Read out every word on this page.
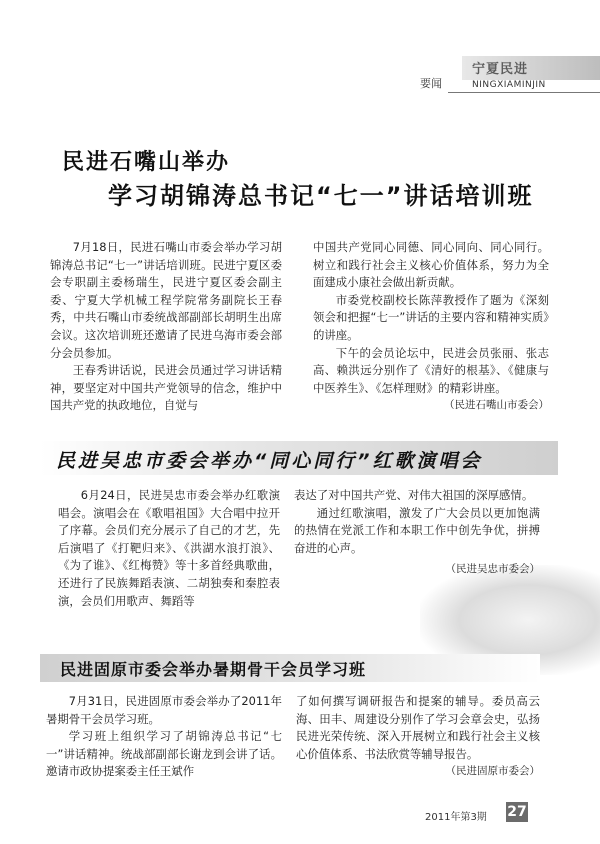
宁夏民进
要闻	NINGXIAMINJIN
民进石嘴山举办
学习胡锦涛总书记“七一”讲话培训班

7月18日，民进石嘴山市委会举办学习胡锦涛总书记“七一”讲话培训班。民进宁夏区委会专职副主委杨瑞生，民进宁夏区委会副主委、宁夏大学机械工程学院常务副院长王春秀，中共石嘴山市委统战部副部长胡明生出席会议。这次培训班还邀请了民进乌海市委会部分会员参加。

王春秀讲话说，民进会员通过学习讲话精神，要坚定对中国共产党领导的信念，维护中国共产党的执政地位，自觉与

中国共产党同心同德、同心同向、同心同行。树立和践行社会主义核心价值体系，努力为全面建成小康社会做出新贡献。

市委党校副校长陈萍教授作了题为《深刻领会和把握“七一”讲话的主要内容和精神实质》的讲座。

下午的会员论坛中，民进会员张丽、张志高、赖洪远分别作了《清好的根基》、《健康与中医养生》、《怎样理财》的精彩讲座。

（民进石嘴山市委会）
民进吴忠市委会举办“同心同行”红歌演唱会

6月24日，民进吴忠市委会举办红歌演唱会。演唱会在《歌唱祖国》大合唱中拉开了序幕。会员们充分展示了自己的才艺，先后演唱了《打靶归来》、《洪湖水浪打浪》、《为了谁》、《红梅赞》等十多首经典歌曲，还进行了民族舞蹈表演、二胡独奏和秦腔表演，会员们用歌声、舞蹈等

表达了对中国共产党、对伟大祖国的深厚感情。

通过红歌演唱，激发了广大会员以更加饱满的热情在党派工作和本职工作中创先争优，拼搏奋进的心声。

（民进吴忠市委会）
民进固原市委会举办暑期骨干会员学习班

7月31日，民进固原市委会举办了2011年暑期骨干会员学习班。

学习班上组织学习了胡锦涛总书记“七一”讲话精神。统战部副部长谢龙到会讲了话。邀请市政协提案委主任王斌作

了如何撰写调研报告和提案的辅导。委员高云海、田丰、周建设分别作了学习会章会史，弘扬民进光荣传统、深入开展树立和践行社会主义核心价值体系、书法欣赏等辅导报告。

（民进固原市委会）
2011年第3期 27
